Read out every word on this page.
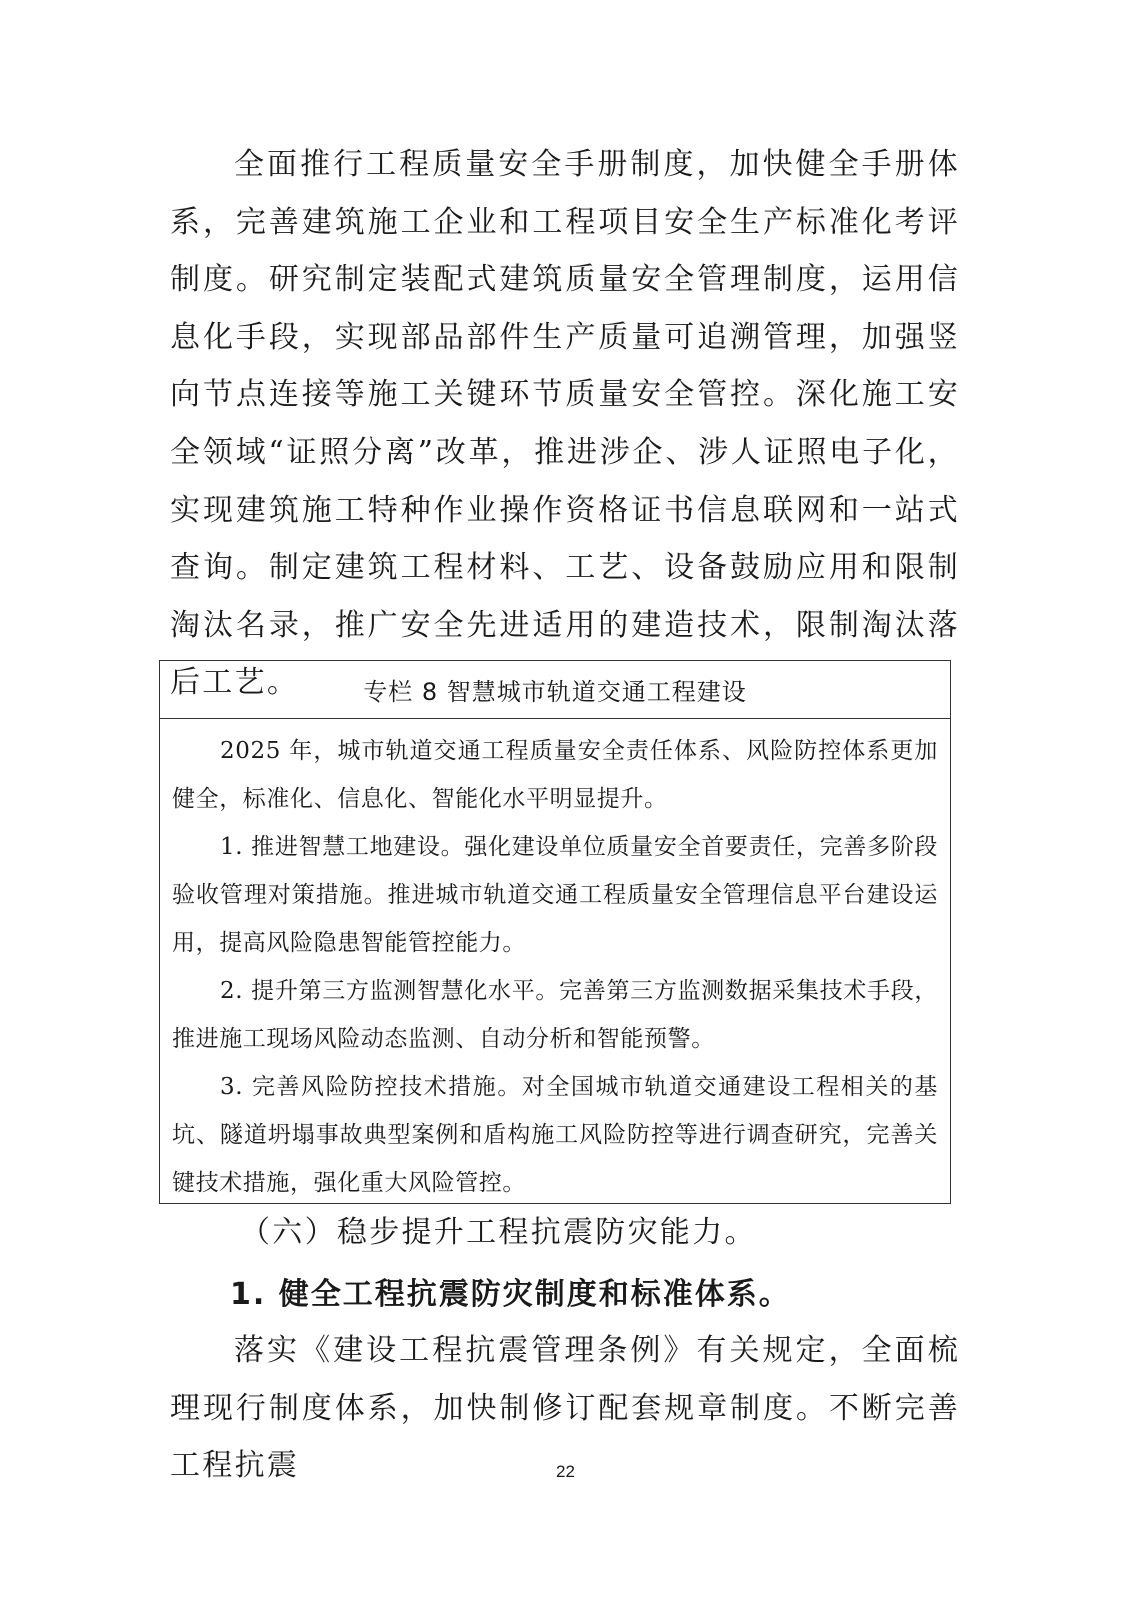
全面推行工程质量安全手册制度，加快健全手册体系，完善建筑施工企业和工程项目安全生产标准化考评制度。研究制定装配式建筑质量安全管理制度，运用信息化手段，实现部品部件生产质量可追溯管理，加强竖向节点连接等施工关键环节质量安全管控。深化施工安全领域“证照分离”改革，推进涉企、涉人证照电子化，实现建筑施工特种作业操作资格证书信息联网和一站式查询。制定建筑工程材料、工艺、设备鼓励应用和限制淘汰名录，推广安全先进适用的建造技术，限制淘汰落后工艺。	专栏 8 智慧城市轨道交通工程建设

2025 年，城市轨道交通工程质量安全责任体系、风险防控体系更加健全，标准化、信息化、智能化水平明显提升。

1. 推进智慧工地建设。强化建设单位质量安全首要责任，完善多阶段验收管理对策措施。推进城市轨道交通工程质量安全管理信息平台建设运用，提高风险隐患智能管控能力。

2. 提升第三方监测智慧化水平。完善第三方监测数据采集技术手段，推进施工现场风险动态监测、自动分析和智能预警。

3. 完善风险防控技术措施。对全国城市轨道交通建设工程相关的基坑、隧道坍塌事故典型案例和盾构施工风险防控等进行调查研究，完善关键技术措施，强化重大风险管控。

（六）稳步提升工程抗震防灾能力。

1. 健全工程抗震防灾制度和标准体系。

落实《建设工程抗震管理条例》有关规定，全面梳理现行制度体系，加快制修订配套规章制度。不断完善工程抗震	22
